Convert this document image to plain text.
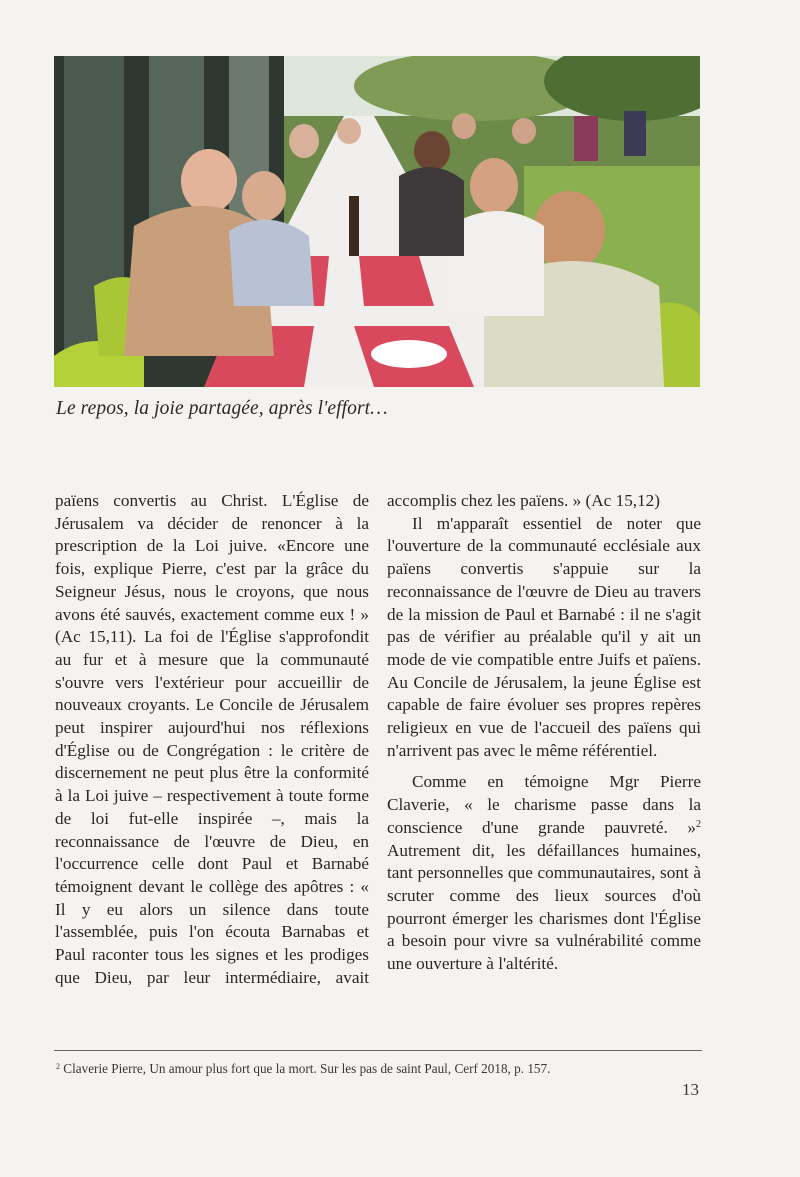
Le repos, la joie partagée, après l'effort…

païens convertis au Christ. L'Église de Jérusalem va décider de renoncer à la prescription de la Loi juive. «Encore une fois, explique Pierre, c'est par la grâce du Seigneur Jésus, nous le croyons, que nous avons été sauvés, exactement comme eux ! » (Ac 15,11). La foi de l'Église s'approfondit au fur et à mesure que la communauté s'ouvre vers l'extérieur pour accueillir de nouveaux croyants. Le Concile de Jérusalem peut inspirer aujourd'hui nos réflexions d'Église ou de Congrégation : le critère de discernement ne peut plus être la conformité à la Loi juive – respectivement à toute forme de loi fut-elle inspirée –, mais la reconnaissance de l'œuvre de Dieu, en l'occurrence celle dont Paul et Barnabé témoignent devant le collège des apôtres : « Il y eu alors un silence dans toute l'assemblée, puis l'on écouta Barnabas et Paul raconter tous les signes et les prodiges que Dieu, par leur intermédiaire, avait

accomplis chez les païens. » (Ac 15,12)

Il m'apparaît essentiel de noter que l'ouverture de la communauté ecclésiale aux païens convertis s'appuie sur la reconnaissance de l'œuvre de Dieu au travers de la mission de Paul et Barnabé : il ne s'agit pas de vérifier au préalable qu'il y ait un mode de vie compatible entre Juifs et païens. Au Concile de Jérusalem, la jeune Église est capable de faire évoluer ses propres repères religieux en vue de l'accueil des païens qui n'arrivent pas avec le même référentiel.

Comme en témoigne Mgr Pierre Claverie, « le charisme passe dans la conscience d'une grande pauvreté. »$^2$ Autrement dit, les défaillances humaines, tant personnelles que communautaires, sont à scruter comme des lieux sources d'où pourront émerger les charismes dont l'Église a besoin pour vivre sa vulnérabilité comme une ouverture à l'altérité.

$^2$ Claverie Pierre, Un amour plus fort que la mort. Sur les pas de saint Paul, Cerf 2018, p. 157.
13
